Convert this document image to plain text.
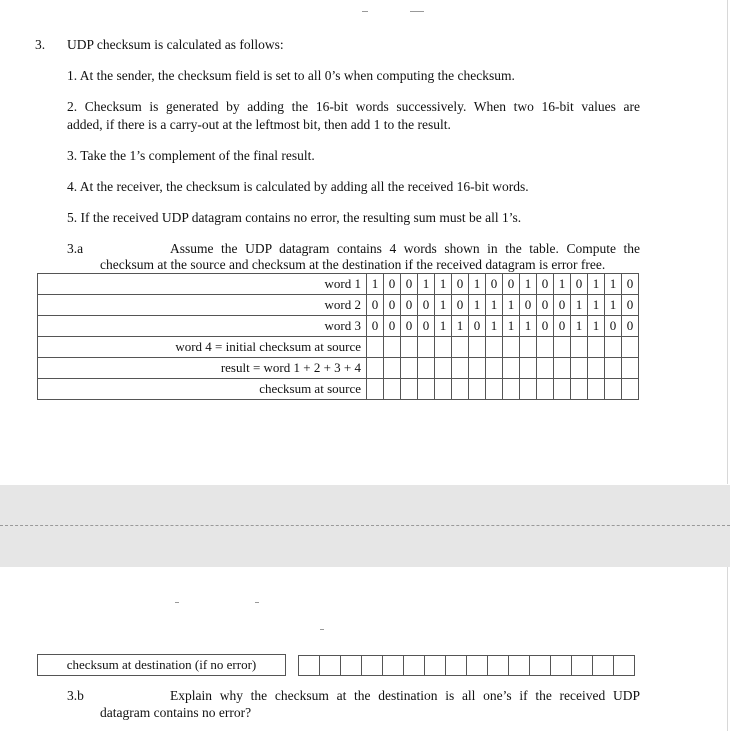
3. UDP checksum is calculated as follows:
1. At the sender, the checksum field is set to all 0’s when computing the checksum.
2. Checksum is generated by adding the 16-bit words successively. When two 16-bit values are
added, if there is a carry-out at the leftmost bit, then add 1 to the result.
3. Take the 1’s complement of the final result.
4. At the receiver, the checksum is calculated by adding all the received 16-bit words.
5. If the received UDP datagram contains no error, the resulting sum must be all 1’s.
3.a	Assume the UDP datagram contains 4 words shown in the table. Compute the
checksum at the source and checksum at the destination if the received datagram is error free.
word 1	1	0	0	1	1	0	1	0	0	1	0	1	0	1	1	0
word 2	0	0	0	0	1	0	1	1	1	0	0	0	1	1	1	0
word 3	0	0	0	0	1	1	0	1	1	1	0	0	1	1	0	0
word 4 = initial checksum at source																
result = word 1 + 2 + 3 + 4																
checksum at source																
checksum at destination (if no error)		

3.b	Explain why the checksum at the destination is all one’s if the received UDP
datagram contains no error?
